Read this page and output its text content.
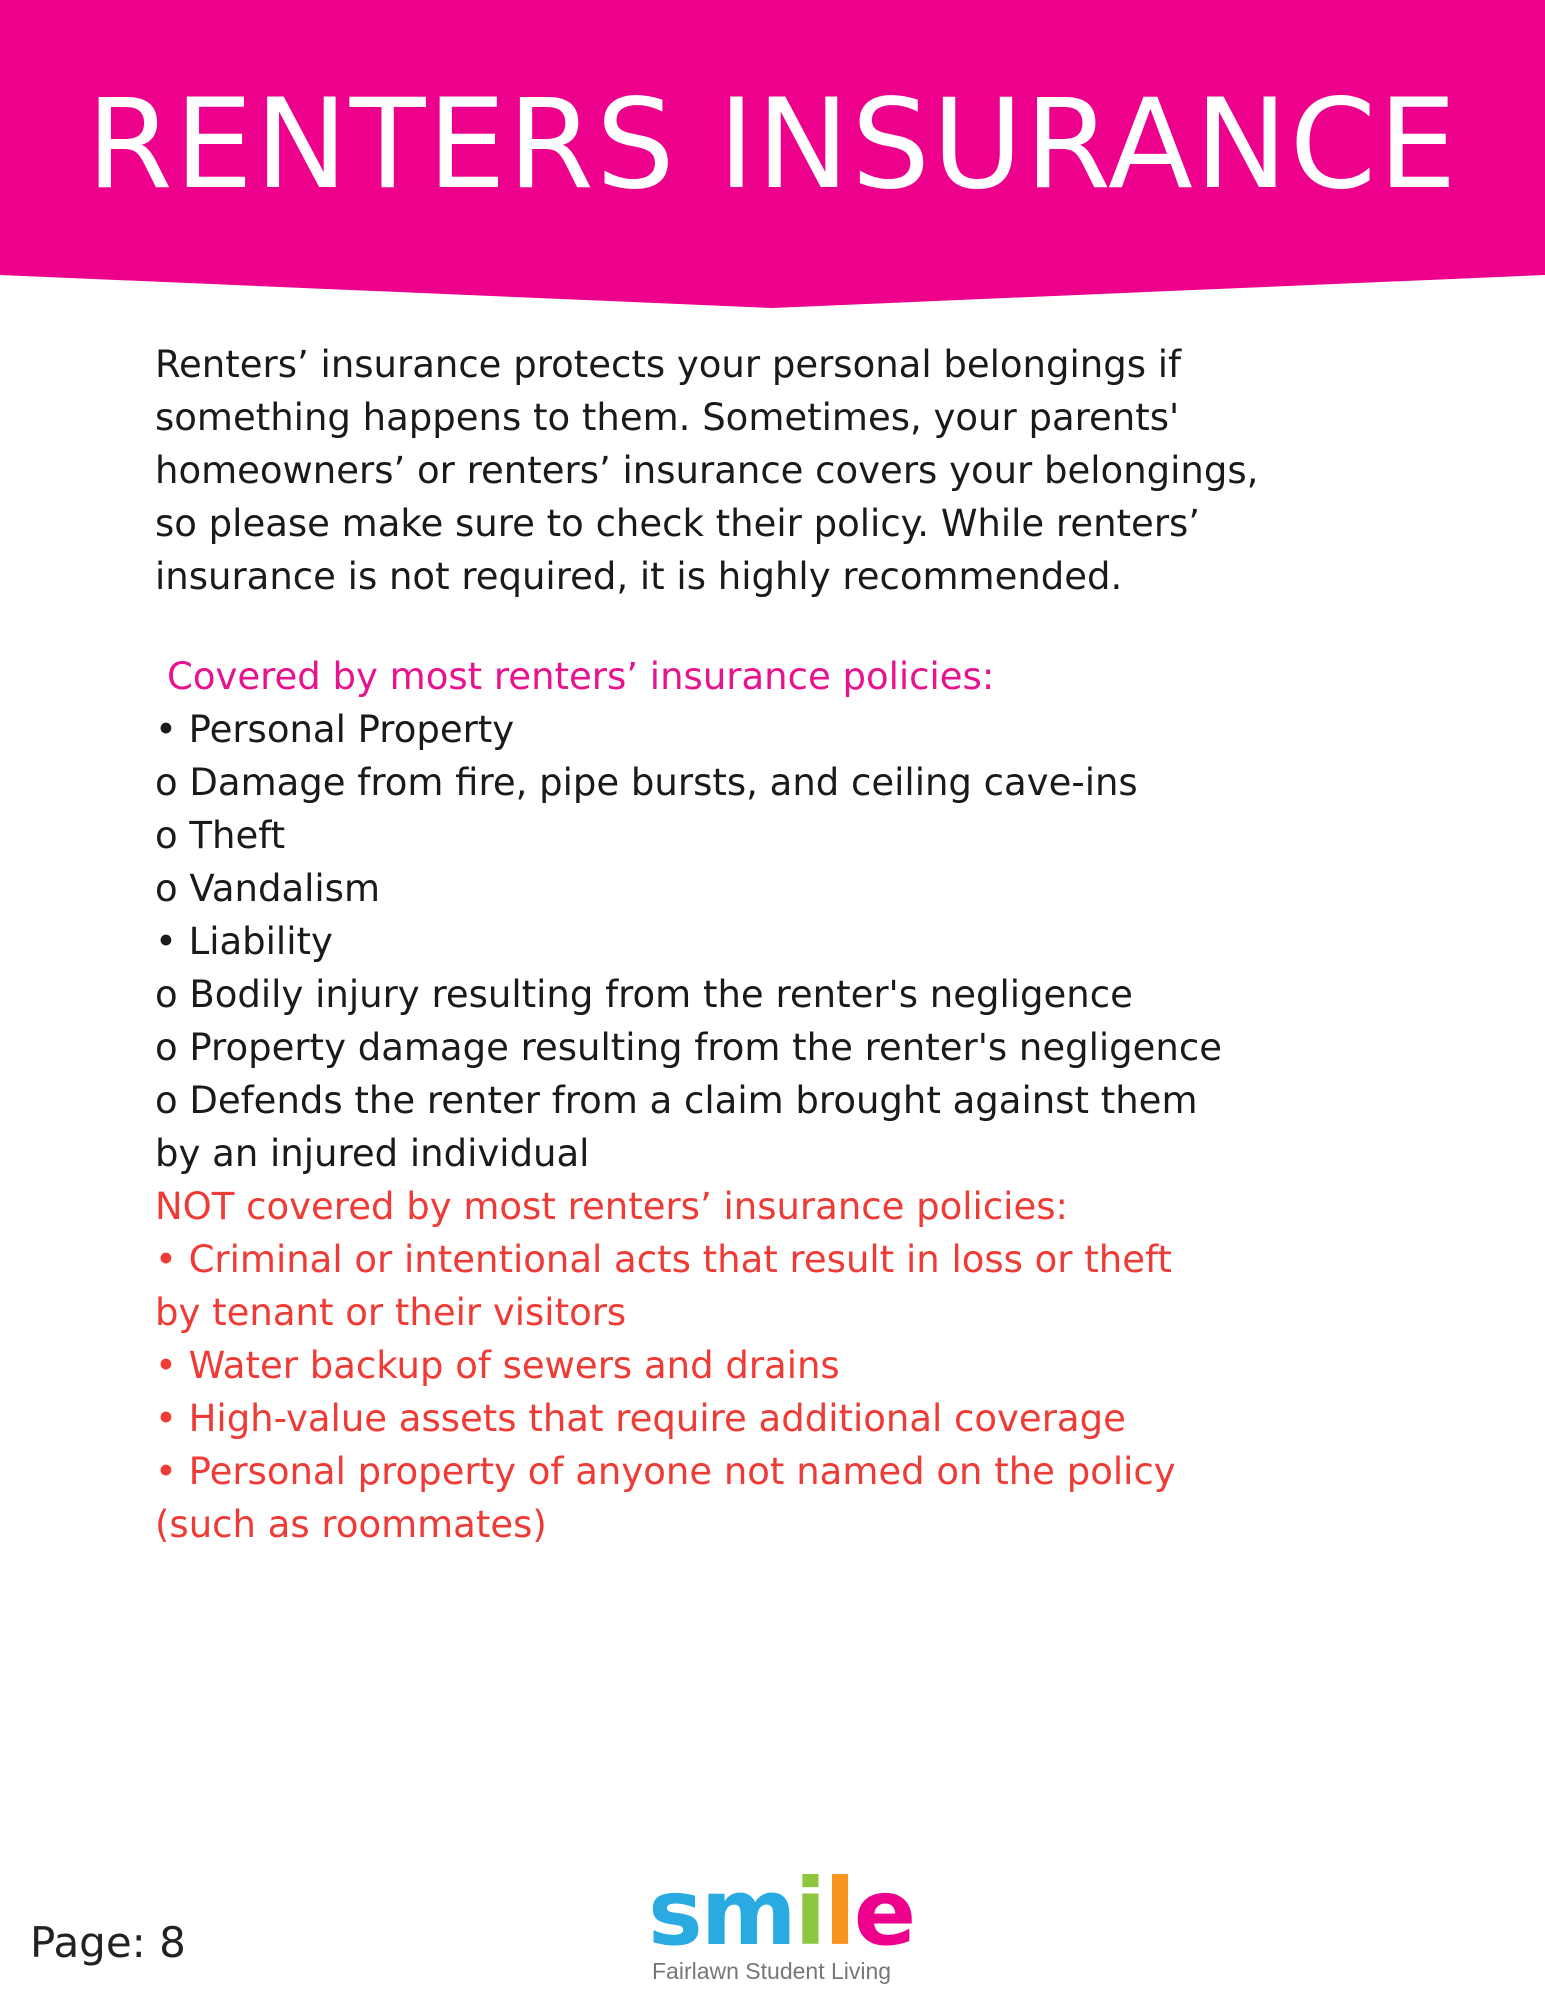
RENTERS INSURANCE
Renters’ insurance protects your personal belongings if
something happens to them. Sometimes, your parents'
homeowners’ or renters’ insurance covers your belongings,
so please make sure to check their policy. While renters’
insurance is not required, it is highly recommended.
Covered by most renters’ insurance policies:
• Personal Property
o Damage from fire, pipe bursts, and ceiling cave-ins
o Theft
o Vandalism
• Liability
o Bodily injury resulting from the renter's negligence
o Property damage resulting from the renter's negligence
o Defends the renter from a claim brought against them
by an injured individual
NOT covered by most renters’ insurance policies:
• Criminal or intentional acts that result in loss or theft
by tenant or their visitors
• Water backup of sewers and drains
• High-value assets that require additional coverage
• Personal property of anyone not named on the policy
(such as roommates)
Page: 8	smile
Fairlawn Student Living
